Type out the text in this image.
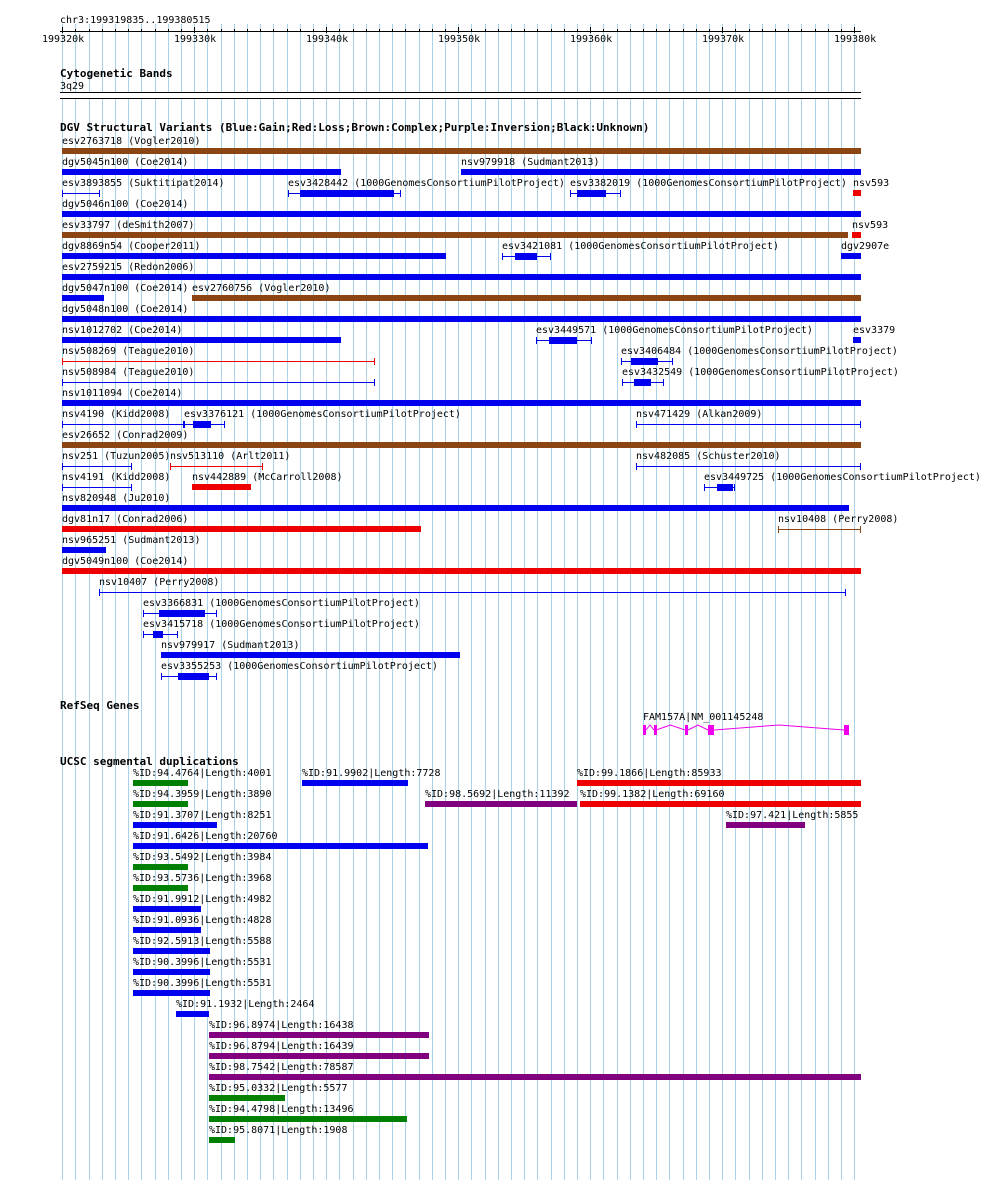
chr3:199319835..199380515
199320k	199330k	199340k	199350k	199360k	199370k	199380k
Cytogenetic Bands
3q29
DGV Structural Variants (Blue:Gain;Red:Loss;Brown:Complex;Purple:Inversion;Black:Unknown)
esv2763718 (Vogler2010)
dgv5045n100 (Coe2014)	nsv979918 (Sudmant2013)
esv3893855 (Suktitipat2014)	esv3428442 (1000GenomesConsortiumPilotProject) esv3382019 (1000GenomesConsortiumPilotProject) nsv593
dgv5046n100 (Coe2014)
esv33797 (deSmith2007)	nsv593
dgv8869n54 (Cooper2011)	esv3421081 (1000GenomesConsortiumPilotProject)	dgv2907e
esv2759215 (Redon2006)
dgv5047n100 (Coe2014) esv2760756 (Vogler2010)
dgv5048n100 (Coe2014)
nsv1012702 (Coe2014)	esv3449571 (1000GenomesConsortiumPilotProject)	esv3379
nsv508269 (Teague2010)	esv3406484 (1000GenomesConsortiumPilotProject)
nsv508984 (Teague2010)	esv3432549 (1000GenomesConsortiumPilotProject)
nsv1011094 (Coe2014)
nsv4190 (Kidd2008) esv3376121 (1000GenomesConsortiumPilotProject)	nsv471429 (Alkan2009)
esv26652 (Conrad2009)
nsv251 (Tuzun2005) nsv513110 (Arlt2011)	nsv482085 (Schuster2010)
nsv4191 (Kidd2008) nsv442889 (McCarroll2008)	esv3449725 (1000GenomesConsortiumPilotProject)
nsv820948 (Ju2010)
dgv81n17 (Conrad2006)	nsv10408 (Perry2008)
nsv965251 (Sudmant2013)
dgv5049n100 (Coe2014)
nsv10407 (Perry2008)
esv3366831 (1000GenomesConsortiumPilotProject)
esv3415718 (1000GenomesConsortiumPilotProject)
nsv979917 (Sudmant2013)
esv3355253 (1000GenomesConsortiumPilotProject)
RefSeq Genes
FAM157A|NM_001145248
UCSC segmental duplications
%ID:94.4764|Length:4001	%ID:91.9902|Length:7728	%ID:99.1866|Length:85933
%ID:94.3959|Length:3890	%ID:98.5692|Length:11392 %ID:99.1382|Length:69160
%ID:91.3707|Length:8251	%ID:97.421|Length:5855
%ID:91.6426|Length:20760
%ID:93.5492|Length:3984
%ID:93.5736|Length:3968
%ID:91.9912|Length:4982
%ID:91.0936|Length:4828
%ID:92.5913|Length:5588
%ID:90.3996|Length:5531
%ID:90.3996|Length:5531
%ID:91.1932|Length:2464
%ID:96.8974|Length:16438
%ID:96.8794|Length:16439
%ID:98.7542|Length:78587
%ID:95.0332|Length:5577
%ID:94.4798|Length:13496
%ID:95.8071|Length:1908
